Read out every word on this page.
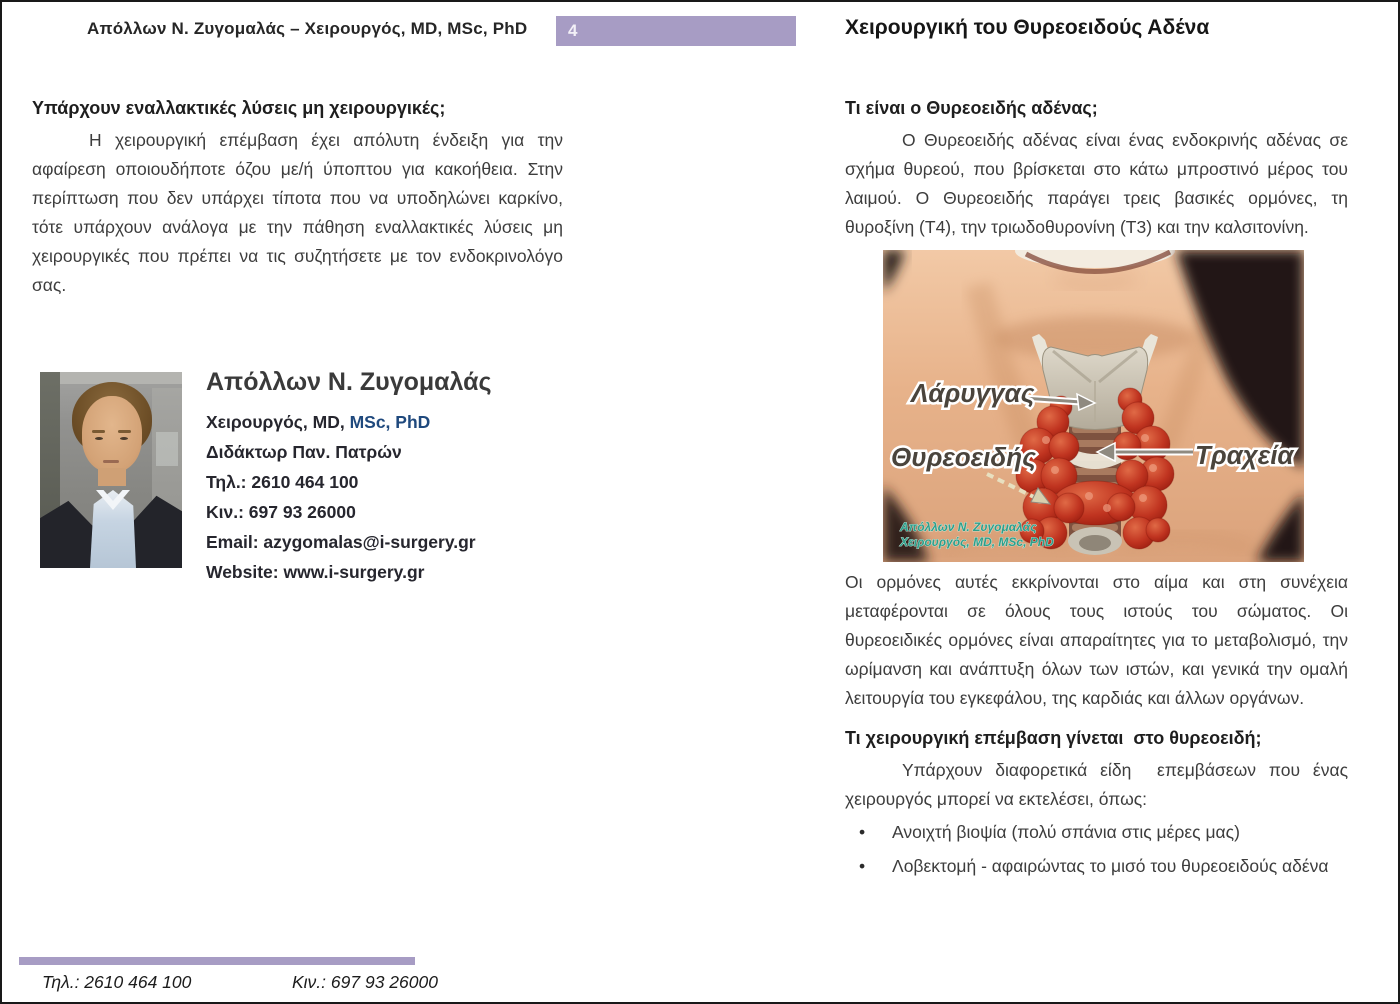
Απόλλων Ν. Ζυγομαλάς – Χειρουργός, MD, MSc, PhD	4	Χειρουργική του Θυρεοειδούς Αδένα
Υπάρχουν εναλλακτικές λύσεις μη χειρουργικές;

Η χειρουργική επέμβαση έχει απόλυτη ένδειξη για την αφαίρεση οποιουδήποτε όζου με/ή ύποπτου για κακοήθεια. Στην περίπτωση που δεν υπάρχει τίποτα που να υποδηλώνει καρκίνο, τότε υπάρχουν ανάλογα με την πάθηση εναλλακτικές λύσεις μη χειρουργικές που πρέπει να τις συζητήσετε με τον ενδοκρινολόγο σας.

Απόλλων Ν. Ζυγομαλάς
Χειρουργός, MD, MSc, PhD
Διδάκτωρ Παν. Πατρών
Τηλ.: 2610 464 100
Κιν.: 697 93 26000
Email: azygomalas@i-surgery.gr
Website: www.i-surgery.gr
Τι είναι ο Θυρεοειδής αδένας;

Ο Θυρεοειδής αδένας είναι ένας ενδοκρινής αδένας σε σχήμα θυρεού, που βρίσκεται στο κάτω μπροστινό μέρος του λαιμού. Ο Θυρεοειδής παράγει τρεις βασικές ορμόνες, τη θυροξίνη (Τ4), την τριωδοθυρονίνη (Τ3) και την καλσιτονίνη.

Λάρυγγας
Θυρεοειδής	Τραχεία
Απόλλων Ν. Ζυγομαλάς
Χειρουργός, MD, MSc, PhD

Οι ορμόνες αυτές εκκρίνονται στο αίμα και στη συνέχεια μεταφέρονται σε όλους τους ιστούς του σώματος. Οι θυρεοειδικές ορμόνες είναι απαραίτητες για το μεταβολισμό, την ωρίμανση και ανάπτυξη όλων των ιστών, και γενικά την ομαλή λειτουργία του εγκεφάλου, της καρδιάς και άλλων οργάνων.

Τι χειρουργική επέμβαση γίνεται  στο θυρεοειδή;

Υπάρχουν διαφορετικά είδη  επεμβάσεων που ένας χειρουργός μπορεί να εκτελέσει, όπως:

• Ανοιχτή βιοψία (πολύ σπάνια στις μέρες μας)
• Λοβεκτομή - αφαιρώντας το μισό του θυρεοειδούς αδένα
Τηλ.: 2610 464 100	Κιν.: 697 93 26000
